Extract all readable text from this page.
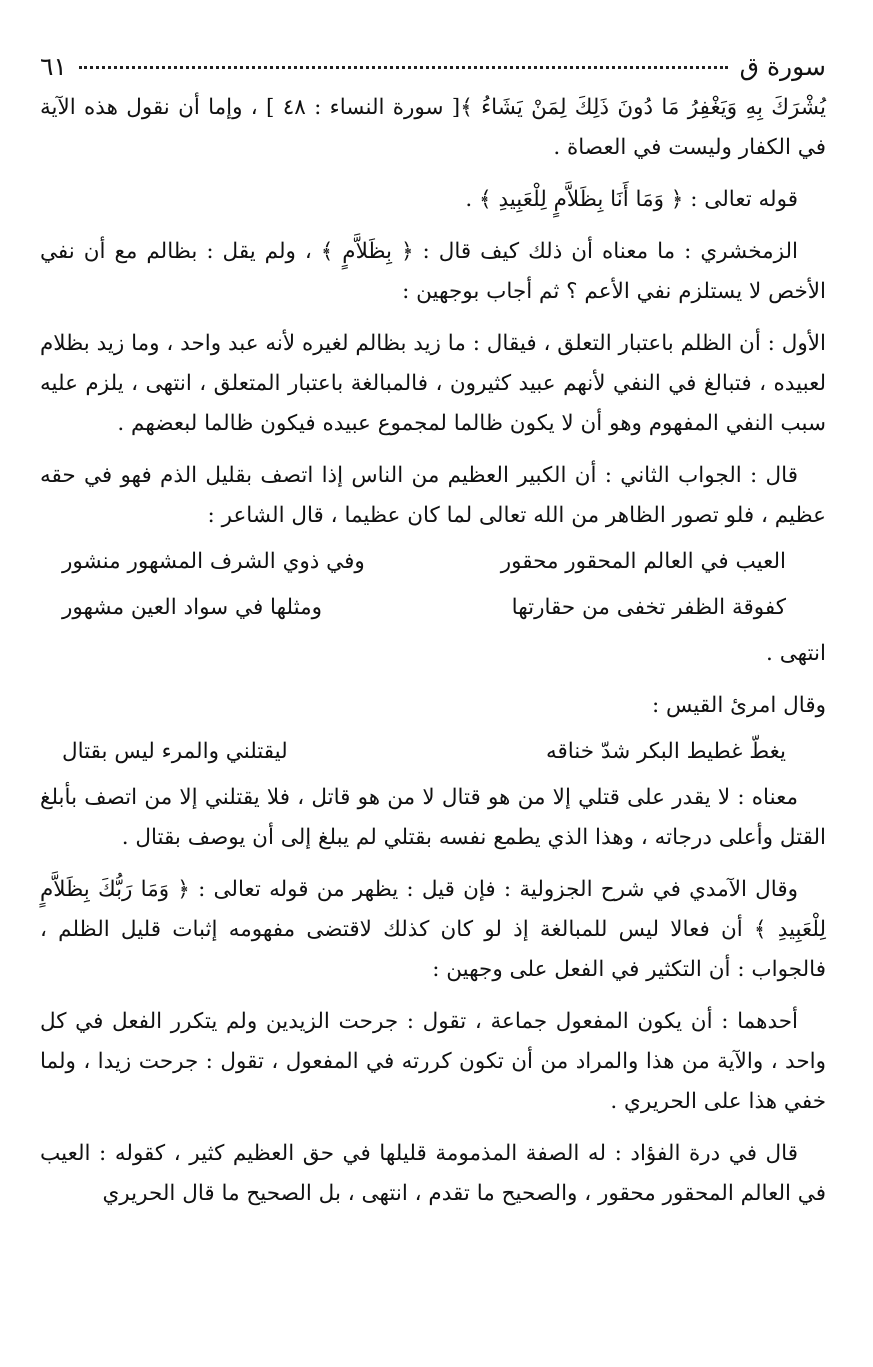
سورة ق
٦١

يُشْرَكَ بِهِ وَيَغْفِرُ مَا دُونَ ذَلِكَ لِمَنْ يَشَاءُ ﴾[ سورة النساء : ٤٨ ] ، وإما أن نقول هذه الآية في الكفار وليست في العصاة .

قوله تعالى : ﴿ وَمَا أَنَا بِظَلاَّمٍ لِلْعَبِيدِ ﴾ .

الزمخشري : ما معناه أن ذلك كيف قال : ﴿ بِظَلاَّمٍ ﴾ ، ولم يقل : بظالم مع أن نفي الأخص لا يستلزم نفي الأعم ؟ ثم أجاب بوجهين :

الأول : أن الظلم باعتبار التعلق ، فيقال : ما زيد بظالم لغيره لأنه عبد واحد ، وما زيد بظلام لعبيده ، فتبالغ في النفي لأنهم عبيد كثيرون ، فالمبالغة باعتبار المتعلق ، انتهى ، يلزم عليه سبب النفي المفهوم وهو أن لا يكون ظالما لمجموع عبيده فيكون ظالما لبعضهم .

قال : الجواب الثاني : أن الكبير العظيم من الناس إذا اتصف بقليل الذم فهو في حقه عظيم ، فلو تصور الظاهر من الله تعالى لما كان عظيما ، قال الشاعر :

العيب في العالم المحقور محقور
وفي ذوي الشرف المشهور منشور
كفوقة الظفر تخفى من حقارتها
ومثلها في سواد العين مشهور

انتهى .

وقال امرئ القيس :

يغطّ غطيط البكر شدّ خناقه
ليقتلني والمرء ليس بقتال

معناه : لا يقدر على قتلي إلا من هو قتال لا من هو قاتل ، فلا يقتلني إلا من اتصف بأبلغ القتل وأعلى درجاته ، وهذا الذي يطمع نفسه بقتلي لم يبلغ إلى أن يوصف بقتال .

وقال الآمدي في شرح الجزولية : فإن قيل : يظهر من قوله تعالى : ﴿ وَمَا رَبُّكَ بِظَلاَّمٍ لِلْعَبِيدِ ﴾ أن فعالا ليس للمبالغة إذ لو كان كذلك لاقتضى مفهومه إثبات قليل الظلم ، فالجواب : أن التكثير في الفعل على وجهين :

أحدهما : أن يكون المفعول جماعة ، تقول : جرحت الزيدين ولم يتكرر الفعل في كل واحد ، والآية من هذا والمراد من أن تكون كررته في المفعول ، تقول : جرحت زيدا ، ولما خفي هذا على الحريري .

قال في درة الفؤاد : له الصفة المذمومة قليلها في حق العظيم كثير ، كقوله : العيب في العالم المحقور محقور ، والصحيح ما تقدم ، انتهى ، بل الصحيح ما قال الحريري
